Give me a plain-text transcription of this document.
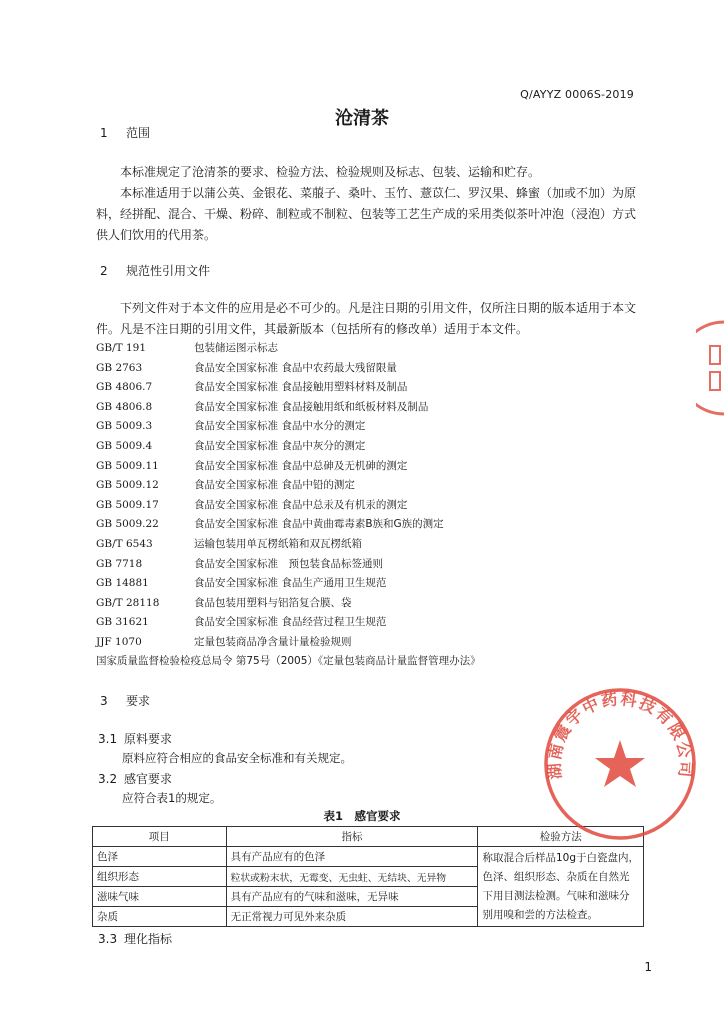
Q/AYYZ 0006S-2019
沧清茶
1 范围
本标准规定了沧清茶的要求、检验方法、检验规则及标志、包装、运输和贮存。
本标准适用于以蒲公英、金银花、菜菔子、桑叶、玉竹、薏苡仁、罗汉果、蜂蜜（加或不加）为原料，经拼配、混合、干燥、粉碎、制粒或不制粒、包装等工艺生产成的采用类似茶叶冲泡（浸泡）方式供人们饮用的代用茶。
2 规范性引用文件
下列文件对于本文件的应用是必不可少的。凡是注日期的引用文件，仅所注日期的版本适用于本文件。凡是不注日期的引用文件，其最新版本（包括所有的修改单）适用于本文件。
GB/T 191	包装储运图示标志
GB 2763	食品安全国家标准 食品中农药最大残留限量
GB 4806.7	食品安全国家标准 食品接触用塑料材料及制品
GB 4806.8	食品安全国家标准 食品接触用纸和纸板材料及制品
GB 5009.3	食品安全国家标准 食品中水分的测定
GB 5009.4	食品安全国家标准 食品中灰分的测定
GB 5009.11	食品安全国家标准 食品中总砷及无机砷的测定
GB 5009.12	食品安全国家标准 食品中铅的测定
GB 5009.17	食品安全国家标准 食品中总汞及有机汞的测定
GB 5009.22	食品安全国家标准 食品中黄曲霉毒素B族和G族的测定
GB/T 6543	运输包装用单瓦楞纸箱和双瓦楞纸箱
GB 7718	食品安全国家标准　预包装食品标签通则
GB 14881	食品安全国家标准 食品生产通用卫生规范
GB/T 28118	食品包装用塑料与铝箔复合膜、袋
GB 31621	食品安全国家标准 食品经营过程卫生规范
JJF 1070	定量包装商品净含量计量检验规则
国家质量监督检验检疫总局令 第75号（2005）《定量包装商品计量监督管理办法》
3 要求
3.1 原料要求
原料应符合相应的食品安全标准和有关规定。
3.2 感官要求
应符合表1的规定。
表1　感官要求
项目	指标	检验方法
色泽	具有产品应有的色泽	称取混合后样品10g于白瓷盘内，色泽、组织形态、杂质在自然光下用目测法检测。气味和滋味分别用嗅和尝的方法检查。
组织形态	粒状或粉末状，无霉变、无虫蛀、无结块、无异物	
滋味气味	具有产品应有的气味和滋味，无异味	
杂质	无正常视力可见外来杂质	
3.3 理化指标
1
湖南震宇中药科技有限公司
